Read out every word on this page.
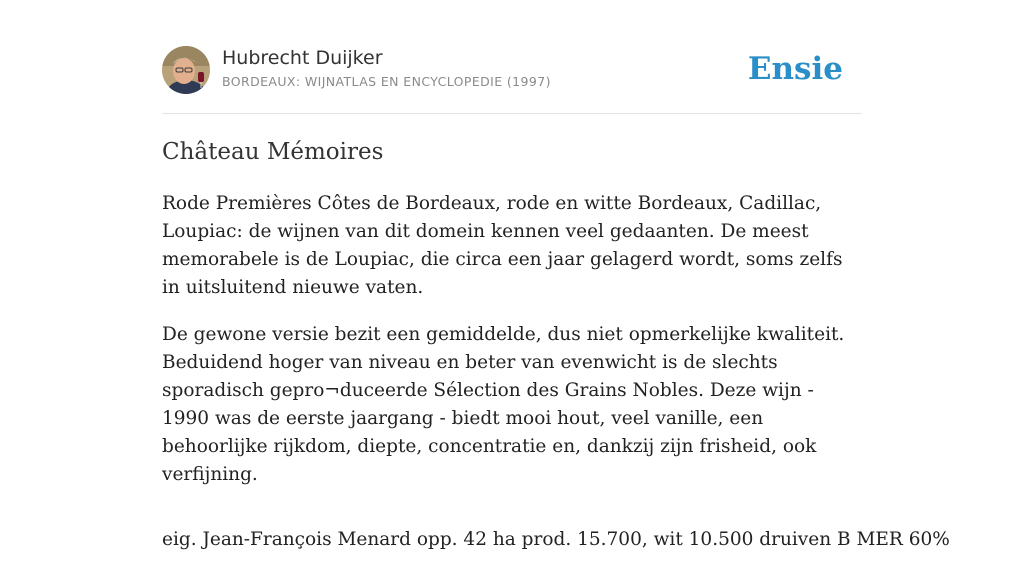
Hubrecht Duijker
BORDEAUX: WIJNATLAS EN ENCYCLOPEDIE (1997)	Ensie
Château Mémoires

Rode Premières Côtes de Bordeaux, rode en witte Bordeaux, Cadillac, Loupiac: de wijnen van dit domein kennen veel gedaanten. De meest memorabele is de Loupiac, die circa een jaar gelagerd wordt, soms zelfs in uitsluitend nieuwe vaten.

De gewone versie bezit een gemiddelde, dus niet opmerkelijke kwaliteit. Beduidend hoger van niveau en beter van evenwicht is de slechts sporadisch gepro¬duceerde Sélection des Grains Nobles. Deze wijn - 1990 was de eerste jaargang - biedt mooi hout, veel vanille, een behoorlijke rijkdom, diepte, concentratie en, dankzij zijn frisheid, ook verfijning.

eig. Jean-François Menard opp. 42 ha prod. 15.700, wit 10.500 druiven B MER 60%
